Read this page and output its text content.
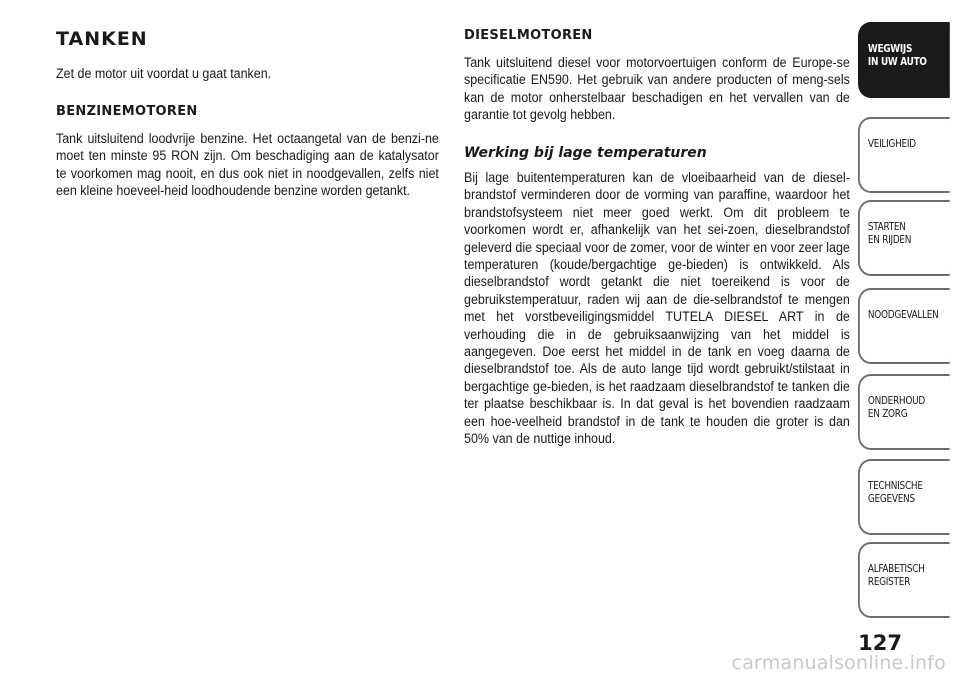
TANKEN

Zet de motor uit voordat u gaat tanken.

BENZINEMOTOREN

Tank uitsluitend loodvrije benzine. Het octaangetal van de benzi-ne moet ten minste 95 RON zijn. Om beschadiging aan de katalysator te voorkomen mag nooit, en dus ook niet in noodgevallen, zelfs niet een kleine hoeveel-heid loodhoudende benzine worden getankt.

DIESELMOTOREN

Tank uitsluitend diesel voor motorvoertuigen conform de Europe-se specificatie EN590. Het gebruik van andere producten of meng-sels kan de motor onherstelbaar beschadigen en het vervallen van de garantie tot gevolg hebben.

Werking bij lage temperaturen

Bij lage buitentemperaturen kan de vloeibaarheid van de diesel-brandstof verminderen door de vorming van paraffine, waardoor het brandstofsysteem niet meer goed werkt. Om dit probleem te voorkomen wordt er, afhankelijk van het sei-zoen, dieselbrandstof geleverd die speciaal voor de zomer, voor de winter en voor zeer lage temperaturen (koude/bergachtige ge-bieden) is ontwikkeld. Als dieselbrandstof wordt getankt die niet toereikend is voor de gebruikstemperatuur, raden wij aan de die-selbrandstof te mengen met het vorstbeveiligingsmiddel TUTELA DIESEL ART in de verhouding die in de gebruiksaanwijzing van het middel is aangegeven. Doe eerst het middel in de tank en voeg daarna de dieselbrandstof toe. Als de auto lange tijd wordt gebruikt/stilstaat in bergachtige ge-bieden, is het raadzaam dieselbrandstof te tanken die ter plaatse beschikbaar is. In dat geval is het bovendien raadzaam een hoe-veelheid brandstof in de tank te houden die groter is dan 50% van de nuttige inhoud.

WEGWIJS
IN UW AUTO
VEILIGHEID
STARTEN
EN RIJDEN
NOODGEVALLEN
ONDERHOUD
EN ZORG
TECHNISCHE
GEGEVENS
ALFABETISCH
REGISTER
127
carmanualsonline.info
